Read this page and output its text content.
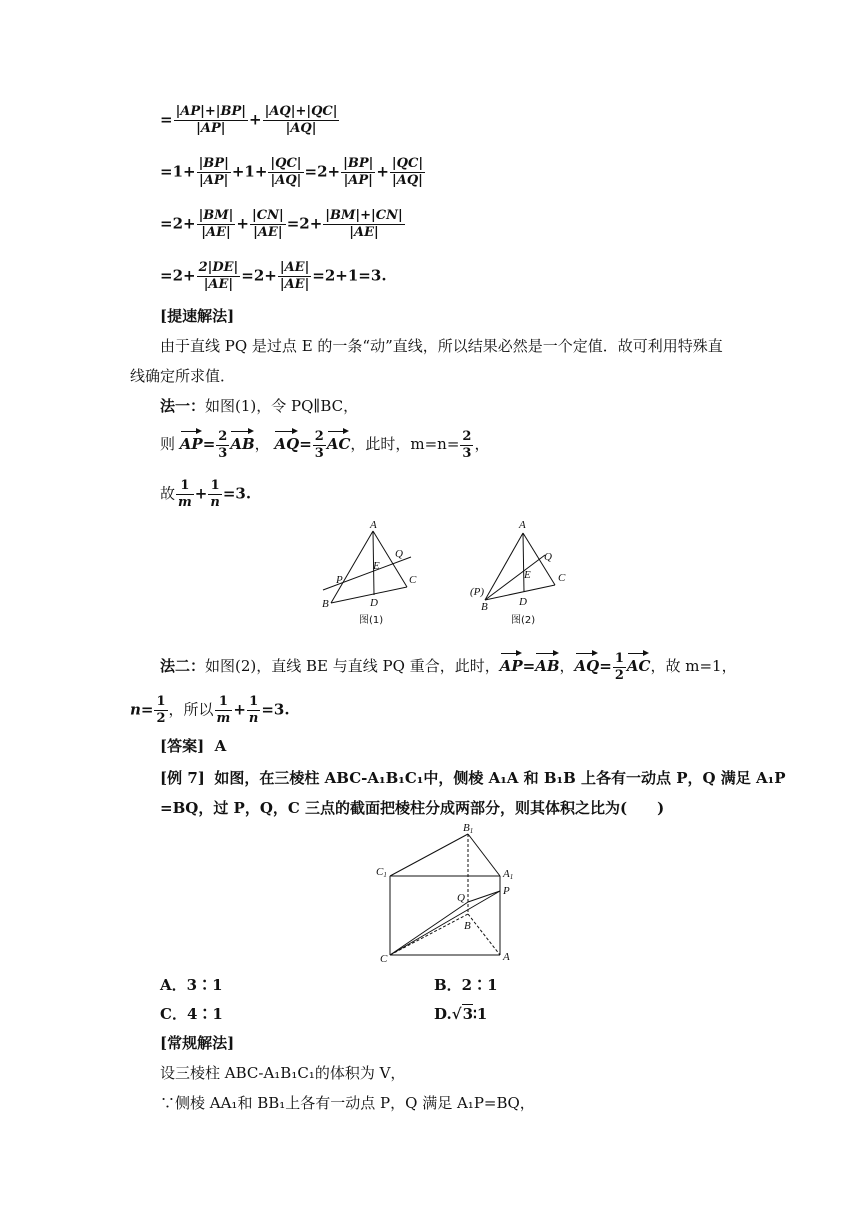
= $\frac{|AP|+|BP|}{|AP|} + \frac{|AQ|+|QC|}{|AQ|}$
$=1+ \frac{|BP|}{|AP|} +1+ \frac{|QC|}{|AQ|} =2+ \frac{|BP|}{|AP|} + \frac{|QC|}{|AQ|}$
$=2+ \frac{|BM|}{|AE|} + \frac{|CN|}{|AE|} =2+ \frac{|BM|+|CN|}{|AE|}$
$=2+ \frac{2|DE|}{|AE|} =2+ \frac{|AE|}{|AE|} =2+1=3$.
[提速解法]
由于直线 PQ 是过点 E 的一条“动”直线，所以结果必然是一个定值．故可利用特殊直
线确定所求值．
法一：如图(1)，令 PQ∥BC，
则 $AP= \frac{2}{3}$ AB， $AQ= \frac{2}{3}$ AC，此时，$m=n= \frac{2}{3}$ ，
故 $\frac{1}{m} + \frac{1}{n} =3$.
A
B
C
D
E
P
Q
图(1)
A
(P)
B
C
D
E
Q
图(2)
法二：如图(2)，直线 BE 与直线 PQ 重合，此时，AP=AB，$AQ= \frac{1}{2}$ AC，故 m=1，
$n= \frac{1}{2}$ ，所以 $\frac{1}{m} + \frac{1}{n} =3$.
[答案] A
[例 7] 如图，在三棱柱 ABC-A₁B₁C₁中，侧棱 A₁A 和 B₁B 上各有一动点 P，Q 满足 A₁P
=BQ，过 P，Q，C 三点的截面把棱柱分成两部分，则其体积之比为(　　)
B1
C1	A1
P
Q
B
C	A
A．3∶1	B．2∶1
C．4∶1	D.√3∶1
[常规解法]
设三棱柱 ABC-A₁B₁C₁的体积为 V，
∵侧棱 AA₁和 BB₁上各有一动点 P，Q 满足 A₁P=BQ，
